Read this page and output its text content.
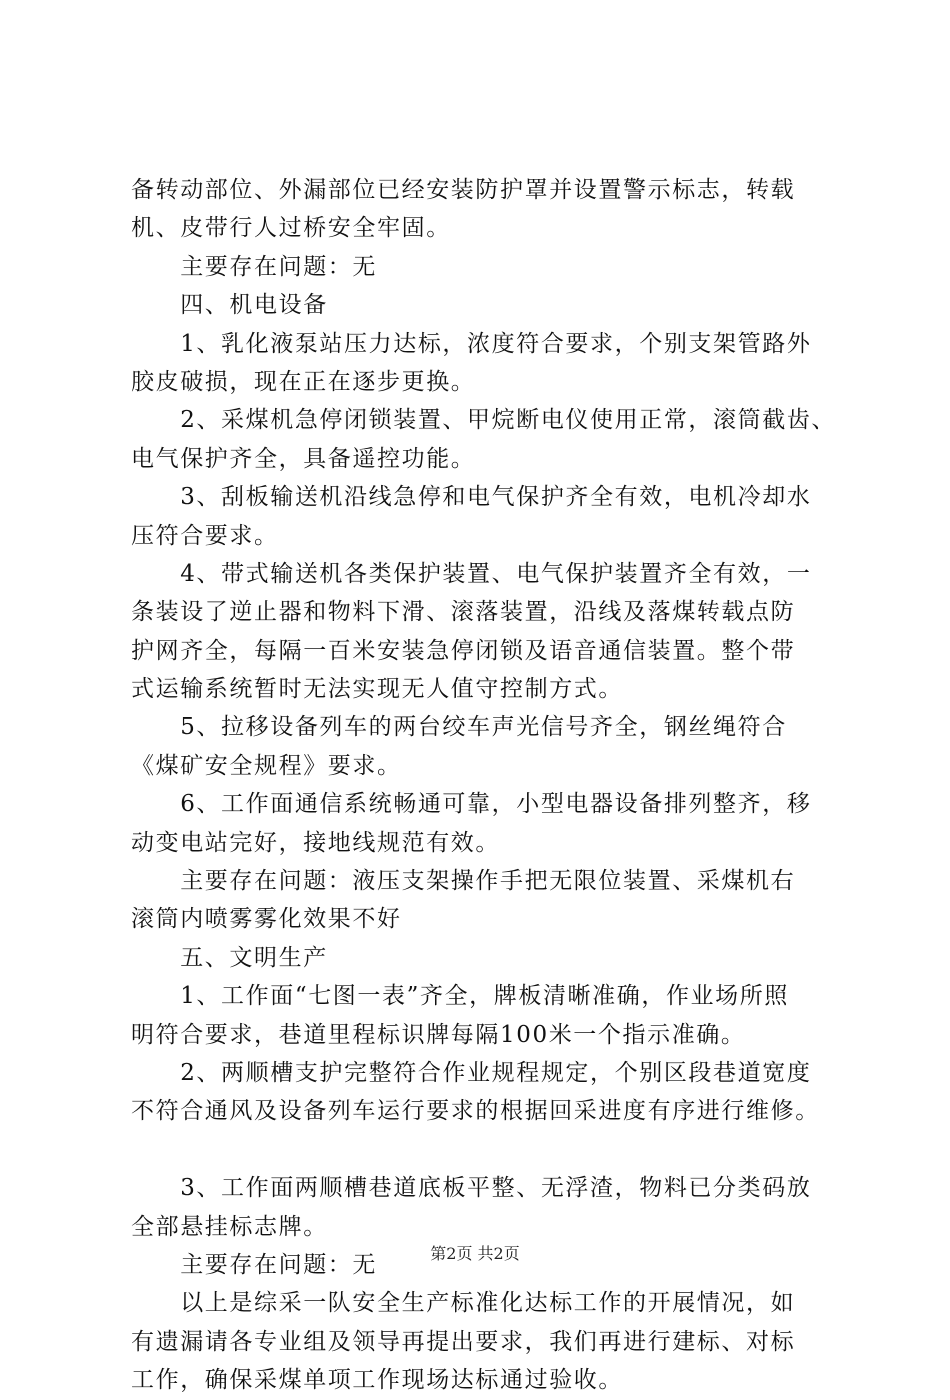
备转动部位、外漏部位已经安装防护罩并设置警示标志，转载
机、皮带行人过桥安全牢固。
　　主要存在问题：无
　　四、机电设备
　　1、乳化液泵站压力达标，浓度符合要求，个别支架管路外
胶皮破损，现在正在逐步更换。
　　2、采煤机急停闭锁装置、甲烷断电仪使用正常，滚筒截齿、
电气保护齐全，具备遥控功能。
　　3、刮板输送机沿线急停和电气保护齐全有效，电机冷却水
压符合要求。
　　4、带式输送机各类保护装置、电气保护装置齐全有效，一
条装设了逆止器和物料下滑、滚落装置，沿线及落煤转载点防
护网齐全，每隔一百米安装急停闭锁及语音通信装置。整个带
式运输系统暂时无法实现无人值守控制方式。
　　5、拉移设备列车的两台绞车声光信号齐全，钢丝绳符合
《煤矿安全规程》要求。
　　6、工作面通信系统畅通可靠，小型电器设备排列整齐，移
动变电站完好，接地线规范有效。
　　主要存在问题：液压支架操作手把无限位装置、采煤机右
滚筒内喷雾雾化效果不好
　　五、文明生产
　　1、工作面“七图一表”齐全，牌板清晰准确，作业场所照
明符合要求，巷道里程标识牌每隔100米一个指示准确。
　　2、两顺槽支护完整符合作业规程规定，个别区段巷道宽度
不符合通风及设备列车运行要求的根据回采进度有序进行维修。
　　3、工作面两顺槽巷道底板平整、无浮渣，物料已分类码放
全部悬挂标志牌。
　　主要存在问题：无
　　以上是综采一队安全生产标准化达标工作的开展情况，如
有遗漏请各专业组及领导再提出要求，我们再进行建标、对标
工作，确保采煤单项工作现场达标通过验收。
第2页 共2页
